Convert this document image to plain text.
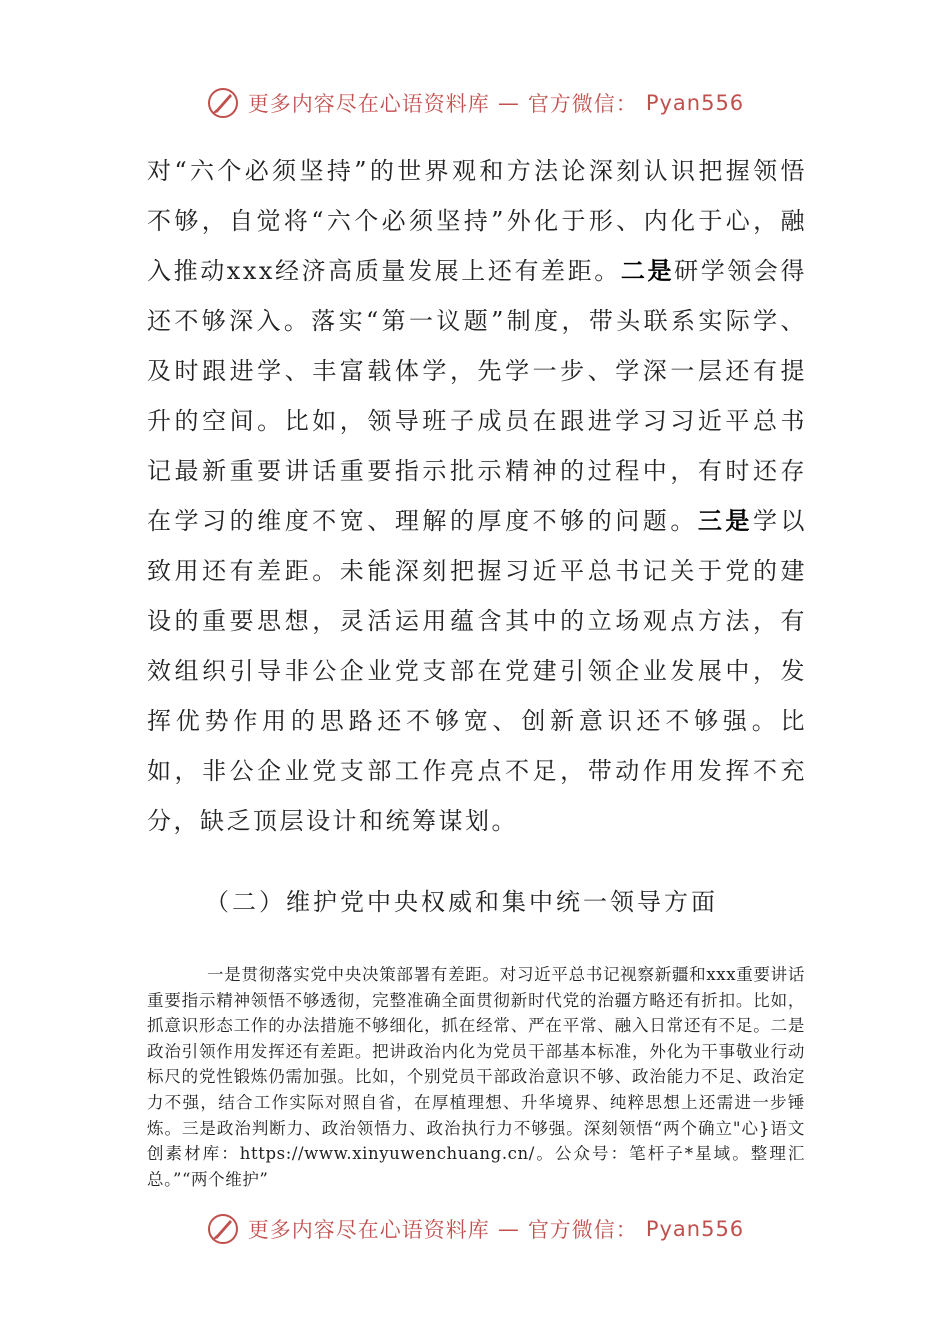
更多内容尽在心语资料库 — 官方微信： Pyan556

对“六个必须坚持”的世界观和方法论深刻认识把握领悟不够，自觉将“六个必须坚持”外化于形、内化于心，融入推动xxx经济高质量发展上还有差距。二是研学领会得还不够深入。落实“第一议题”制度，带头联系实际学、及时跟进学、丰富载体学，先学一步、学深一层还有提升的空间。比如，领导班子成员在跟进学习习近平总书记最新重要讲话重要指示批示精神的过程中，有时还存在学习的维度不宽、理解的厚度不够的问题。三是学以致用还有差距。未能深刻把握习近平总书记关于党的建设的重要思想，灵活运用蕴含其中的立场观点方法，有效组织引导非公企业党支部在党建引领企业发展中，发挥优势作用的思路还不够宽、创新意识还不够强。比如，非公企业党支部工作亮点不足，带动作用发挥不充分，缺乏顶层设计和统筹谋划。

（二）维护党中央权威和集中统一领导方面

一是贯彻落实党中央决策部署有差距。对习近平总书记视察新疆和xxx重要讲话重要指示精神领悟不够透彻，完整准确全面贯彻新时代党的治疆方略还有折扣。比如，抓意识形态工作的办法措施不够细化，抓在经常、严在平常、融入日常还有不足。二是政治引领作用发挥还有差距。把讲政治内化为党员干部基本标准，外化为干事敬业行动标尺的党性锻炼仍需加强。比如，个别党员干部政治意识不够、政治能力不足、政治定力不强，结合工作实际对照自省，在厚植理想、升华境界、纯粹思想上还需进一步锤炼。三是政治判断力、政治领悟力、政治执行力不够强。深刻领悟“两个确立"心}语文创素材库：https://www.xinyuwenchuang.cn/。公众号：笔杆子*星域。整理汇总。”“两个维护”

更多内容尽在心语资料库 — 官方微信： Pyan556
